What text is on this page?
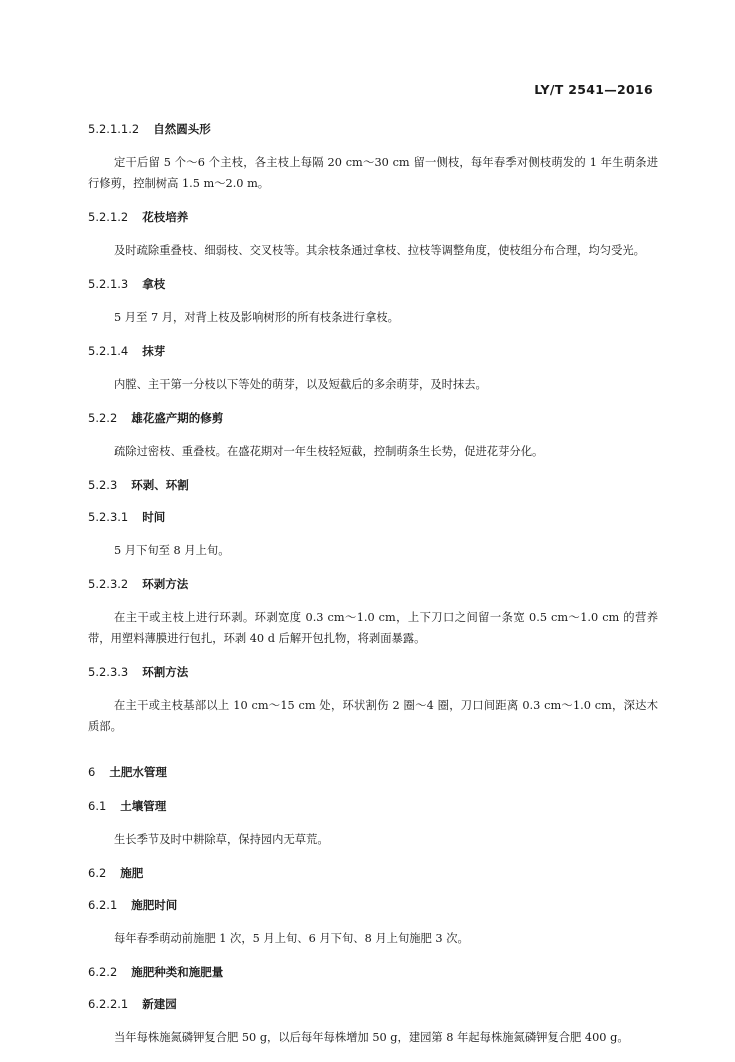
LY/T 2541—2016
5.2.1.1.2 自然圆头形
定干后留 5 个～6 个主枝，各主枝上每隔 20 cm～30 cm 留一侧枝，每年春季对侧枝萌发的 1 年生萌条进行修剪，控制树高 1.5 m～2.0 m。
5.2.1.2 花枝培养
及时疏除重叠枝、细弱枝、交叉枝等。其余枝条通过拿枝、拉枝等调整角度，使枝组分布合理，均匀受光。
5.2.1.3 拿枝
5 月至 7 月，对背上枝及影响树形的所有枝条进行拿枝。
5.2.1.4 抹芽
内膛、主干第一分枝以下等处的萌芽，以及短截后的多余萌芽，及时抹去。
5.2.2 雄花盛产期的修剪
疏除过密枝、重叠枝。在盛花期对一年生枝轻短截，控制萌条生长势，促进花芽分化。
5.2.3 环剥、环割
5.2.3.1 时间
5 月下旬至 8 月上旬。
5.2.3.2 环剥方法
在主干或主枝上进行环剥。环剥宽度 0.3 cm～1.0 cm，上下刀口之间留一条宽 0.5 cm～1.0 cm 的营养带，用塑料薄膜进行包扎，环剥 40 d 后解开包扎物，将剥面暴露。
5.2.3.3 环割方法
在主干或主枝基部以上 10 cm～15 cm 处，环状割伤 2 圈～4 圈，刀口间距离 0.3 cm～1.0 cm，深达木质部。
6 土肥水管理
6.1 土壤管理
生长季节及时中耕除草，保持园内无草荒。
6.2 施肥
6.2.1 施肥时间
每年春季萌动前施肥 1 次，5 月上旬、6 月下旬、8 月上旬施肥 3 次。
6.2.2 施肥种类和施肥量
6.2.2.1 新建园
当年每株施氮磷钾复合肥 50 g，以后每年每株增加 50 g，建园第 8 年起每株施氮磷钾复合肥 400 g。
